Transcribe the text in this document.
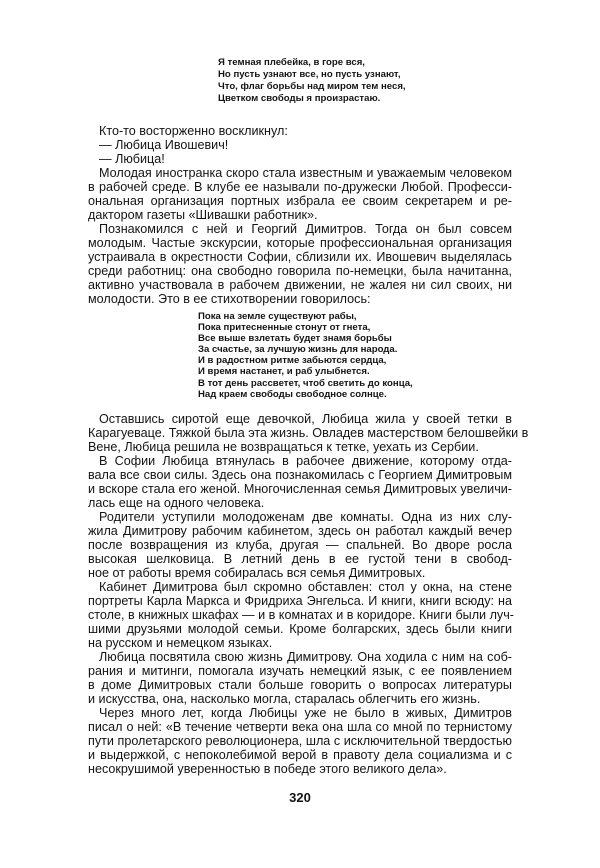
Я темная плебейка, в горе вся,
Но пусть узнают все, но пусть узнают,
Что, флаг борьбы над миром тем неся,
Цветком свободы я произрастаю.
Кто-то восторженно воскликнул:
— Любица Ивошевич!
— Любица!
Молодая иностранка скоро стала известным и уважаемым человеком
в рабочей среде. В клубе ее называли по-дружески Любой. Професси-
ональная организация портных избрала ее своим секретарем и ре-
дактором газеты «Шивашки работник».
Познакомился с ней и Георгий Димитров. Тогда он был совсем
молодым. Частые экскурсии, которые профессиональная организация
устраивала в окрестности Софии, сблизили их. Ивошевич выделялась
среди работниц: она свободно говорила по-немецки, была начитанна,
активно участвовала в рабочем движении, не жалея ни сил своих, ни
молодости. Это в ее стихотворении говорилось:
Пока на земле существуют рабы,
Пока притесненные стонут от гнета,
Все выше взлетать будет знамя борьбы
За счастье, за лучшую жизнь для народа.
И в радостном ритме забьются сердца,
И время настанет, и раб улыбнется.
В тот день рассветет, чтоб светить до конца,
Над краем свободы свободное солнце.
Оставшись сиротой еще девочкой, Любица жила у своей тетки в
Карагуеваце. Тяжкой была эта жизнь. Овладев мастерством белошвейки в
Вене, Любица решила не возвращаться к тетке, уехать из Сербии.
В Софии Любица втянулась в рабочее движение, которому отда-
вала все свои силы. Здесь она познакомилась с Георгием Димитровым
и вскоре стала его женой. Многочисленная семья Димитровых увеличи-
лась еще на одного человека.
Родители уступили молодоженам две комнаты. Одна из них слу-
жила Димитрову рабочим кабинетом, здесь он работал каждый вечер
после возвращения из клуба, другая — спальней. Во дворе росла
высокая шелковица. В летний день в ее густой тени в свобод-
ное от работы время собиралась вся семья Димитровых.
Кабинет Димитрова был скромно обставлен: стол у окна, на стене
портреты Карла Маркса и Фридриха Энгельса. И книги, книги всюду: на
столе, в книжных шкафах — и в комнатах и в коридоре. Книги были луч-
шими друзьями молодой семьи. Кроме болгарских, здесь были книги
на русском и немецком языках.
Любица посвятила свою жизнь Димитрову. Она ходила с ним на соб-
рания и митинги, помогала изучать немецкий язык, с ее появлением
в доме Димитровых стали больше говорить о вопросах литературы
и искусства, она, насколько могла, старалась облегчить его жизнь.
Через много лет, когда Любицы уже не было в живых, Димитров
писал о ней: «В течение четверти века она шла со мной по тернистому
пути пролетарского революционера, шла с исключительной твердостью
и выдержкой, с непоколебимой верой в правоту дела социализма и с
несокрушимой уверенностью в победе этого великого дела».
320
